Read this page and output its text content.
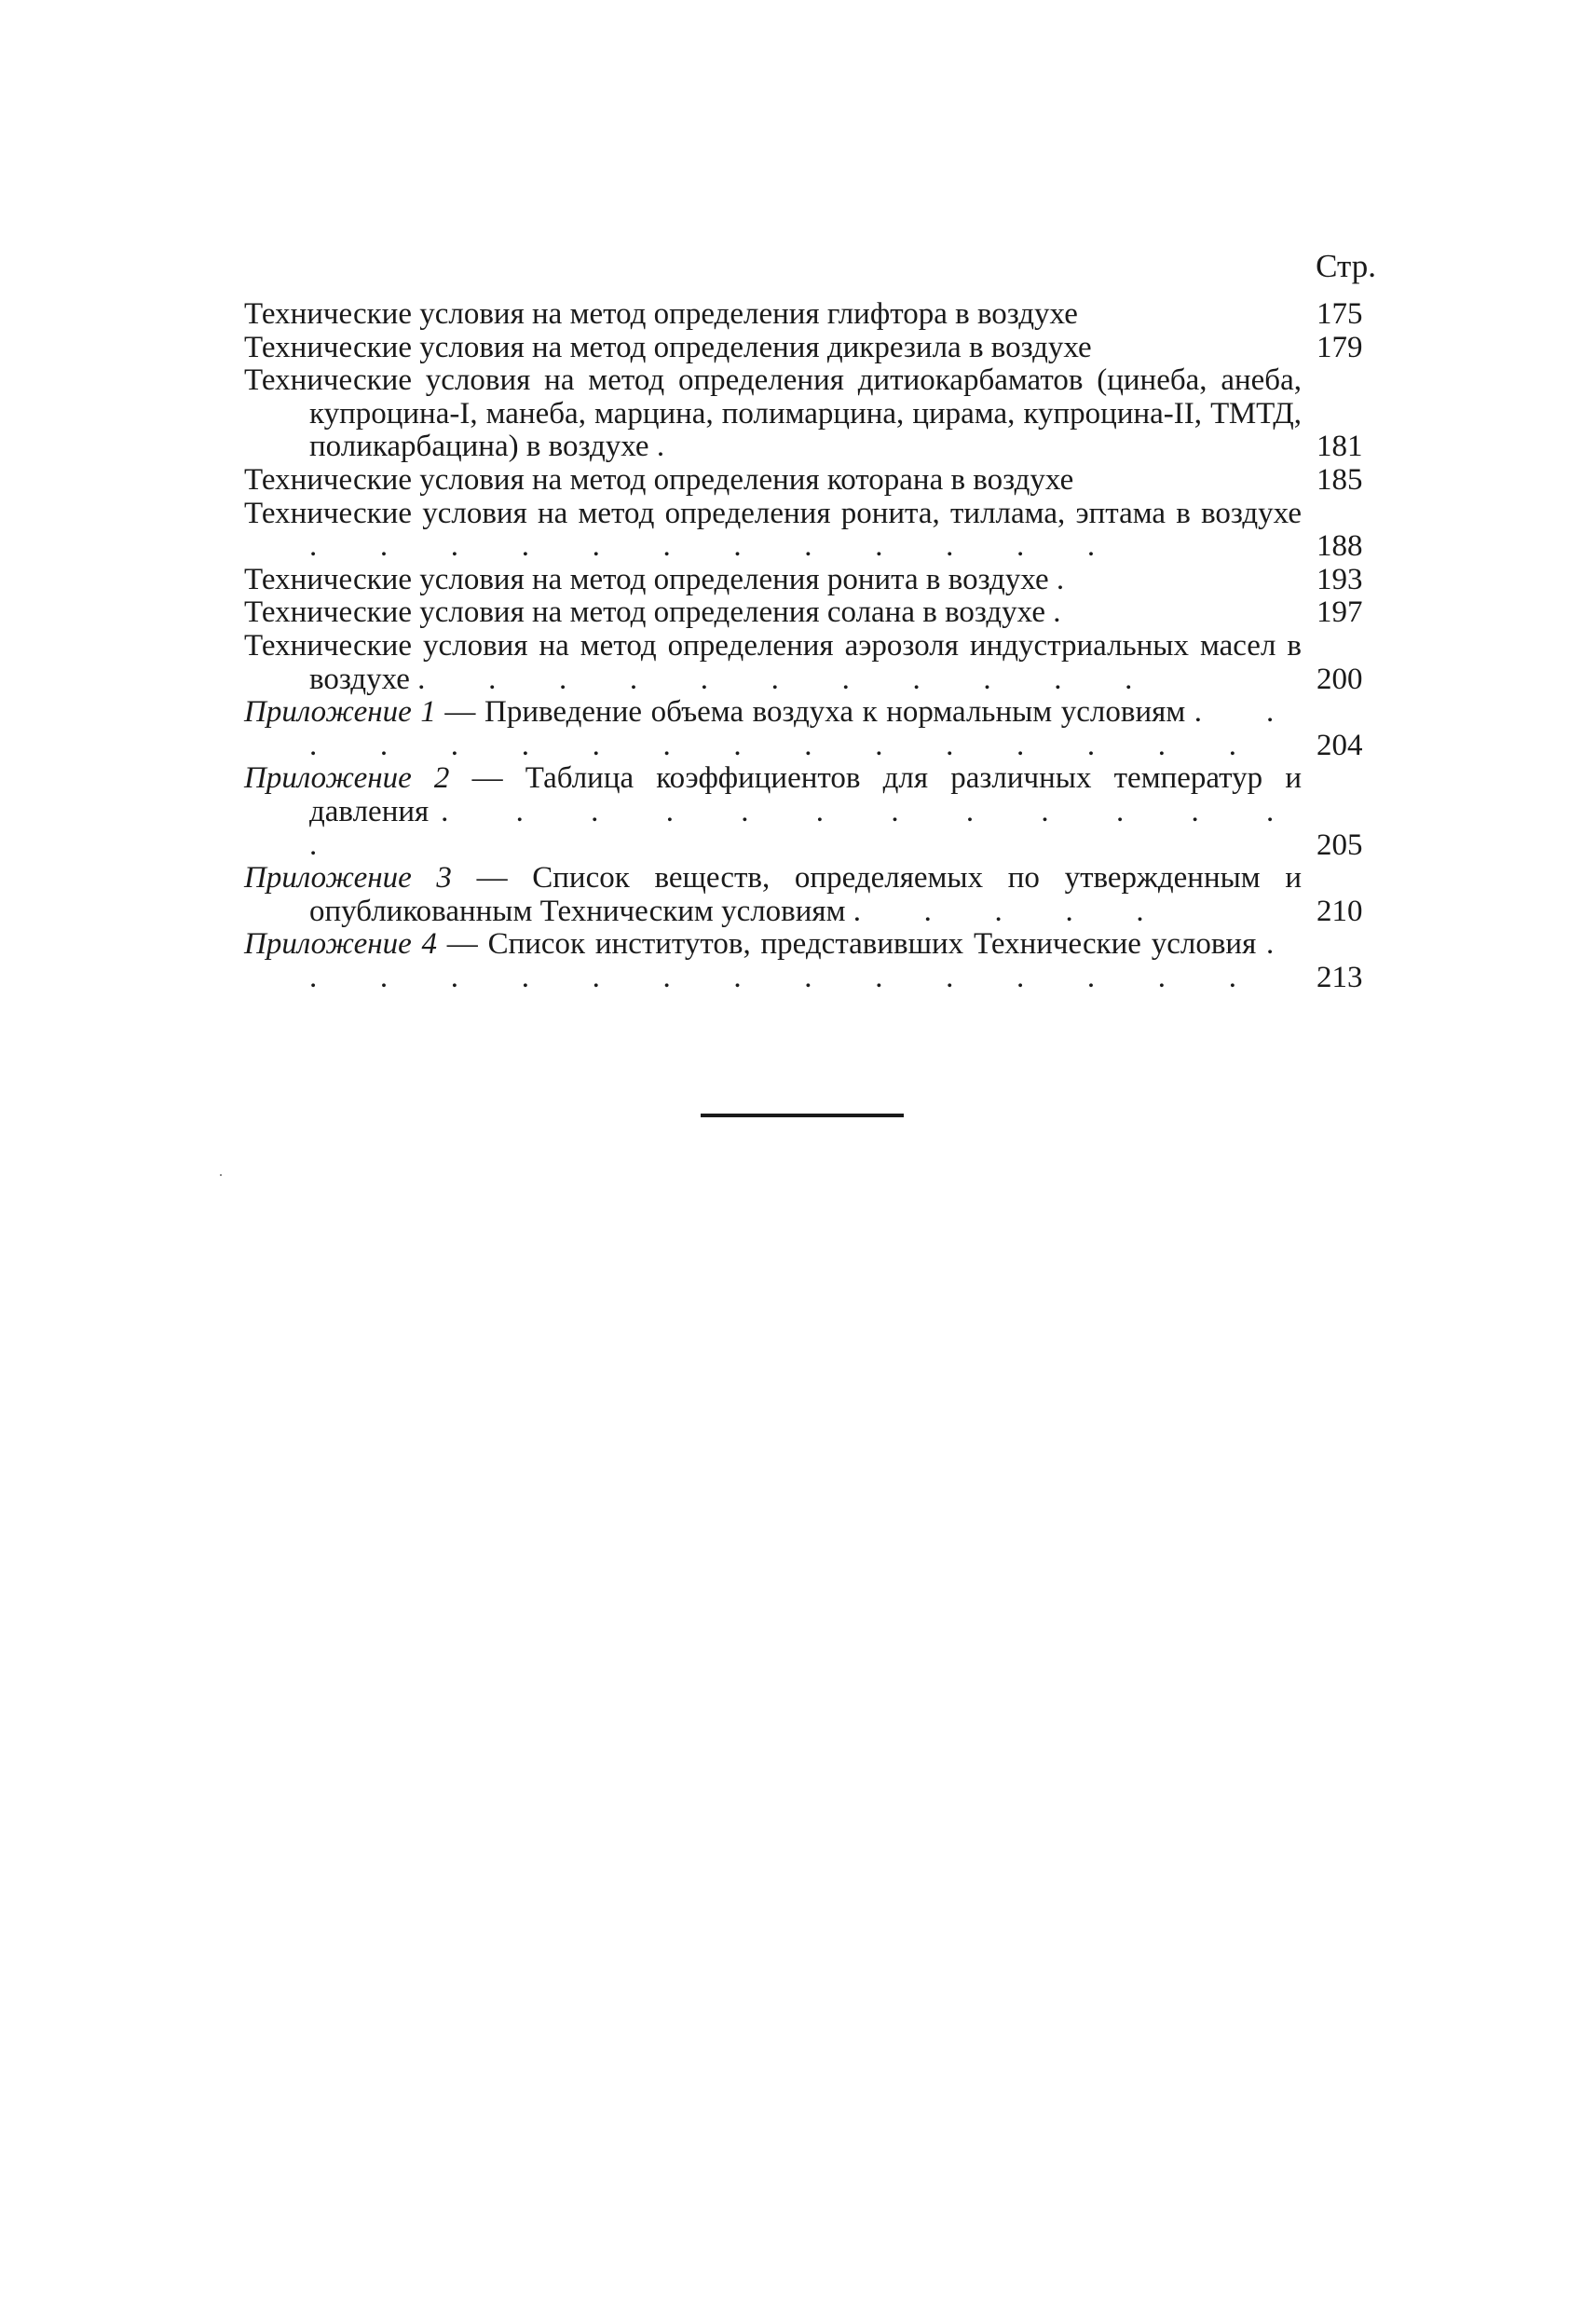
Стр.
Технические условия на метод определения глифтора в воздухе	175
Технические условия на метод определения дикрезила в воздухе	179
Технические условия на метод определения дитиокарбаматов (цинеба, анеба, купроцина-I, манеба, марцина, полимарцина, цирама, купроцина-II, ТМТД, поликарбацина) в воздухе .	181
Технические условия на метод определения которана в воздухе	185
Технические условия на метод определения ронита, тиллама, эптама в воздухе . . . . . . . . . . . .	188
Технические условия на метод определения ронита в воздухе .	193
Технические условия на метод определения солана в воздухе .	197
Технические условия на метод определения аэрозоля индустриальных масел в воздухе . . . . . . . . . . .	200
Приложение 1 — Приведение объема воздуха к нормальным условиям . . . . . . . . . . . . . . . .	204
Приложение 2 — Таблица коэффициентов для различных температур и давления . . . . . . . . . . . . .	205
Приложение 3 — Список веществ, определяемых по утвержденным и опубликованным Техническим условиям . . . . .	210
Приложение 4 — Список институтов, представивших Технические условия . . . . . . . . . . . . . . .	213
